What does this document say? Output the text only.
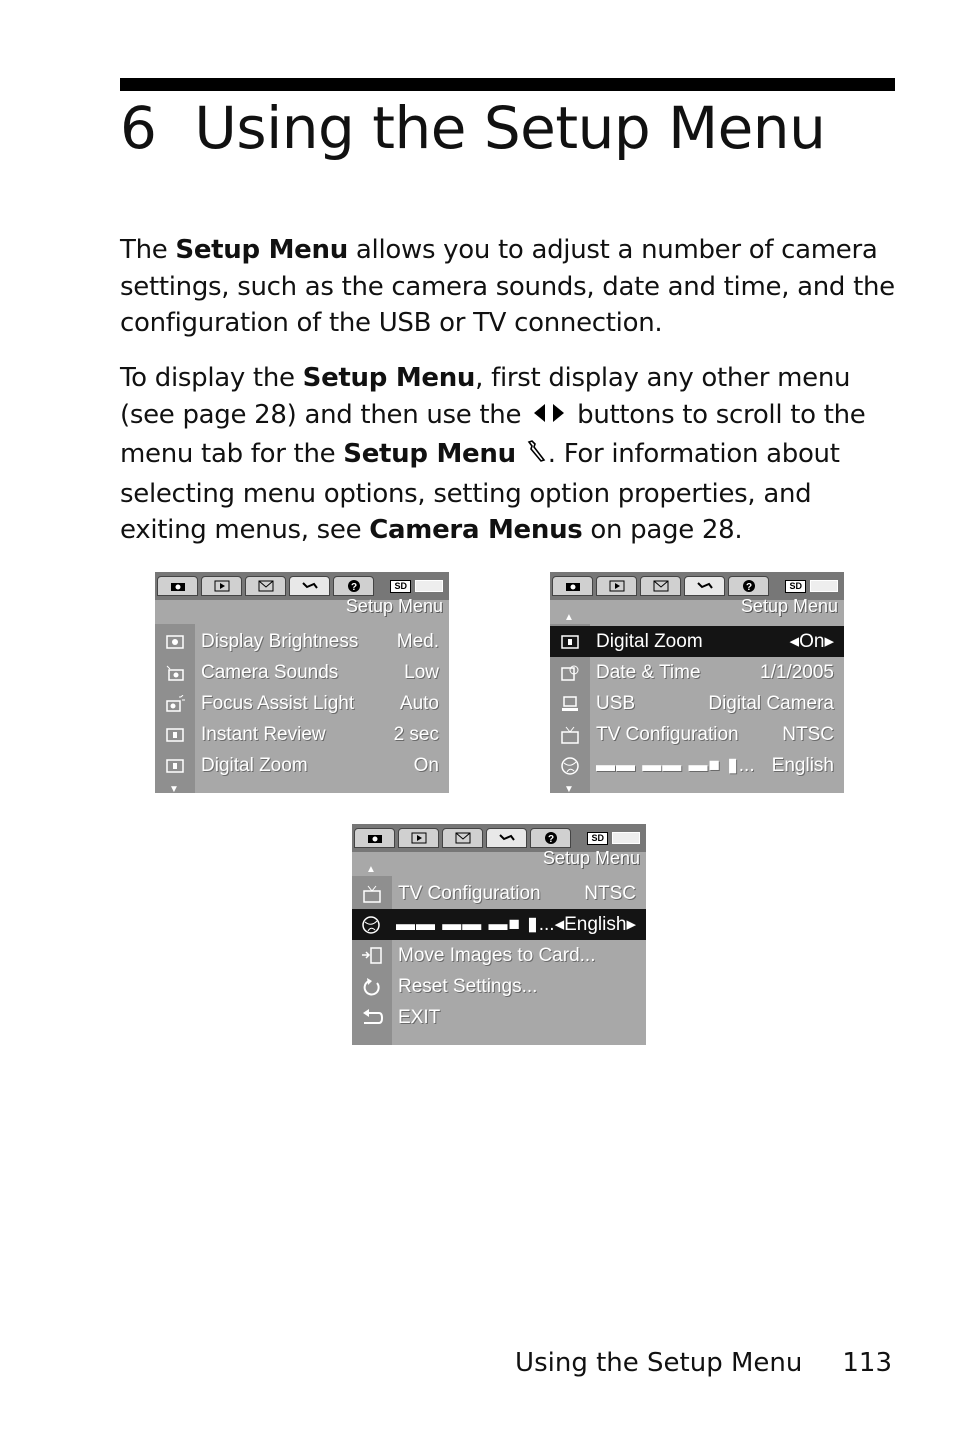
6 Using the Setup Menu

The Setup Menu allows you to adjust a number of camera settings, such as the camera sounds, date and time, and the configuration of the USB or TV connection.

To display the Setup Menu, first display any other menu (see page 28) and then use the  buttons to scroll to the menu tab for the Setup Menu . For information about selecting menu options, setting option properties, and exiting menus, see Camera Menus on page 28.

?	SD
Setup Menu
▼
Display Brightness	Med.
Camera Sounds	Low
Focus Assist Light	Auto
Instant Review	2 sec
Digital Zoom	On
?	SD
Setup Menu
▼
▲
Digital Zoom	◂On▸
Date & Time	1/1/2005
USB	Digital Camera
TV Configuration	NTSC
▬▬ ▬▬ ▬■ ▮... English
?	SD
Setup Menu
▲
TV Configuration	NTSC
▬▬ ▬▬ ▬■ ▮... ◂English▸
Move Images to Card...
Reset Settings...
EXIT
Using the Setup Menu 113
